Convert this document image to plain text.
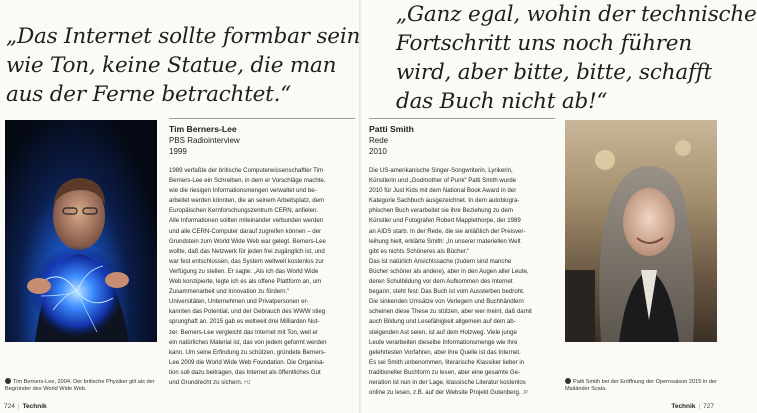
„Das Internet sollte formbar sein
wie Ton, keine Statue, die man
aus der Ferne betrachtet.“
Tim Berners-Lee, 2004. Der britische Physiker gilt als der Begründer des World Wide Web.
Tim Berners-Lee
PBS Radiointerview
1999
1989 verfaßte der britische Computerwissenschaftler Tim
Berners-Lee ein Schreiben, in dem er Vorschläge machte,
wie die riesigen Informationsmengen verwaltet und be-
arbeitet werden könnten, die an seinem Arbeitsplatz, dem
Europäischen Kernforschungszentrum CERN, anfielen.
Alle Informationen sollten miteinander verbunden werden
und alle CERN-Computer darauf zugreifen können – der
Grundstein zum World Wide Web war gelegt. Berners-Lee
wollte, daß das Netzwerk für jeden frei zugänglich ist, und
war fest entschlossen, das System weltweit kostenlos zur
Verfügung zu stellen. Er sagte: „Als ich das World Wide
Web konzipierte, legte ich es als offene Plattform an, um
Zusammenarbeit und Innovation zu fördern.“
Universitäten, Unternehmen und Privatpersonen er-
kannten das Potential, und der Gebrauch des WWW stieg
sprunghaft an. 2015 gab es weltweit drei Milliarden Nut-
zer. Berners-Lee vergleicht das Internet mit Ton, weil er
ein natürliches Material ist, das von jedem geformt werden
kann. Um seine Erfindung zu schützen, gründete Berners-
Lee 2009 die World Wide Web Foundation. Die Organisa-
tion soll dazu beitragen, das Internet als öffentliches Gut
und Grundrecht zu sichern. HJ
724 | Technik
„Ganz egal, wohin der technische
Fortschritt uns noch führen
wird, aber bitte, bitte, schafft
das Buch nicht ab!“
Patti Smith
Rede
2010
Die US-amerikanische Singer-Songwriterin, Lyrikerin,
Künstlerin und „Godmother of Punk“ Patti Smith wurde
2010 für Just Kids mit dem National Book Award in der
Kategorie Sachbuch ausgezeichnet. In dem autobiogra-
phischen Buch verarbeitet sie ihre Beziehung zu dem
Künstler und Fotografen Robert Mapplethorpe, der 1989
an AIDS starb. In der Rede, die sie anläßlich der Preisver-
leihung hielt, erklärte Smith: „In unserer materiellen Welt
gibt es nichts Schöneres als Bücher.“
Das ist natürlich Ansichtssache (zudem sind manche
Bücher schöner als andere), aber in den Augen aller Leute,
deren Schulbildung vor dem Aufkommen des Internet
begann, steht fest: Das Buch ist vom Aussterben bedroht.
Die sinkenden Umsätze von Verlegern und Buchhändlern
scheinen diese These zu stützen, aber wer meint, daß damit
auch Bildung und Lesefähigkeit allgemein auf dem ab-
steigenden Ast seien, ist auf dem Holzweg. Viele junge
Leute verarbeiten dieselbe Informationsmenge wie ihre
gelehrtesten Vorfahren, aber ihre Quelle ist das Internet.
Es sei Smith unbenommen, literarische Klassiker lieber in
traditioneller Buchform zu lesen, aber eine gesamte Ge-
neration ist nun in der Lage, klassische Literatur kostenlos
online zu lesen, z.B. auf der Website Projekt Gutenberg. JP
Patti Smith bei der Eröffnung der Opernsaison 2015 in der Mailänder Scala.
Technik | 727
